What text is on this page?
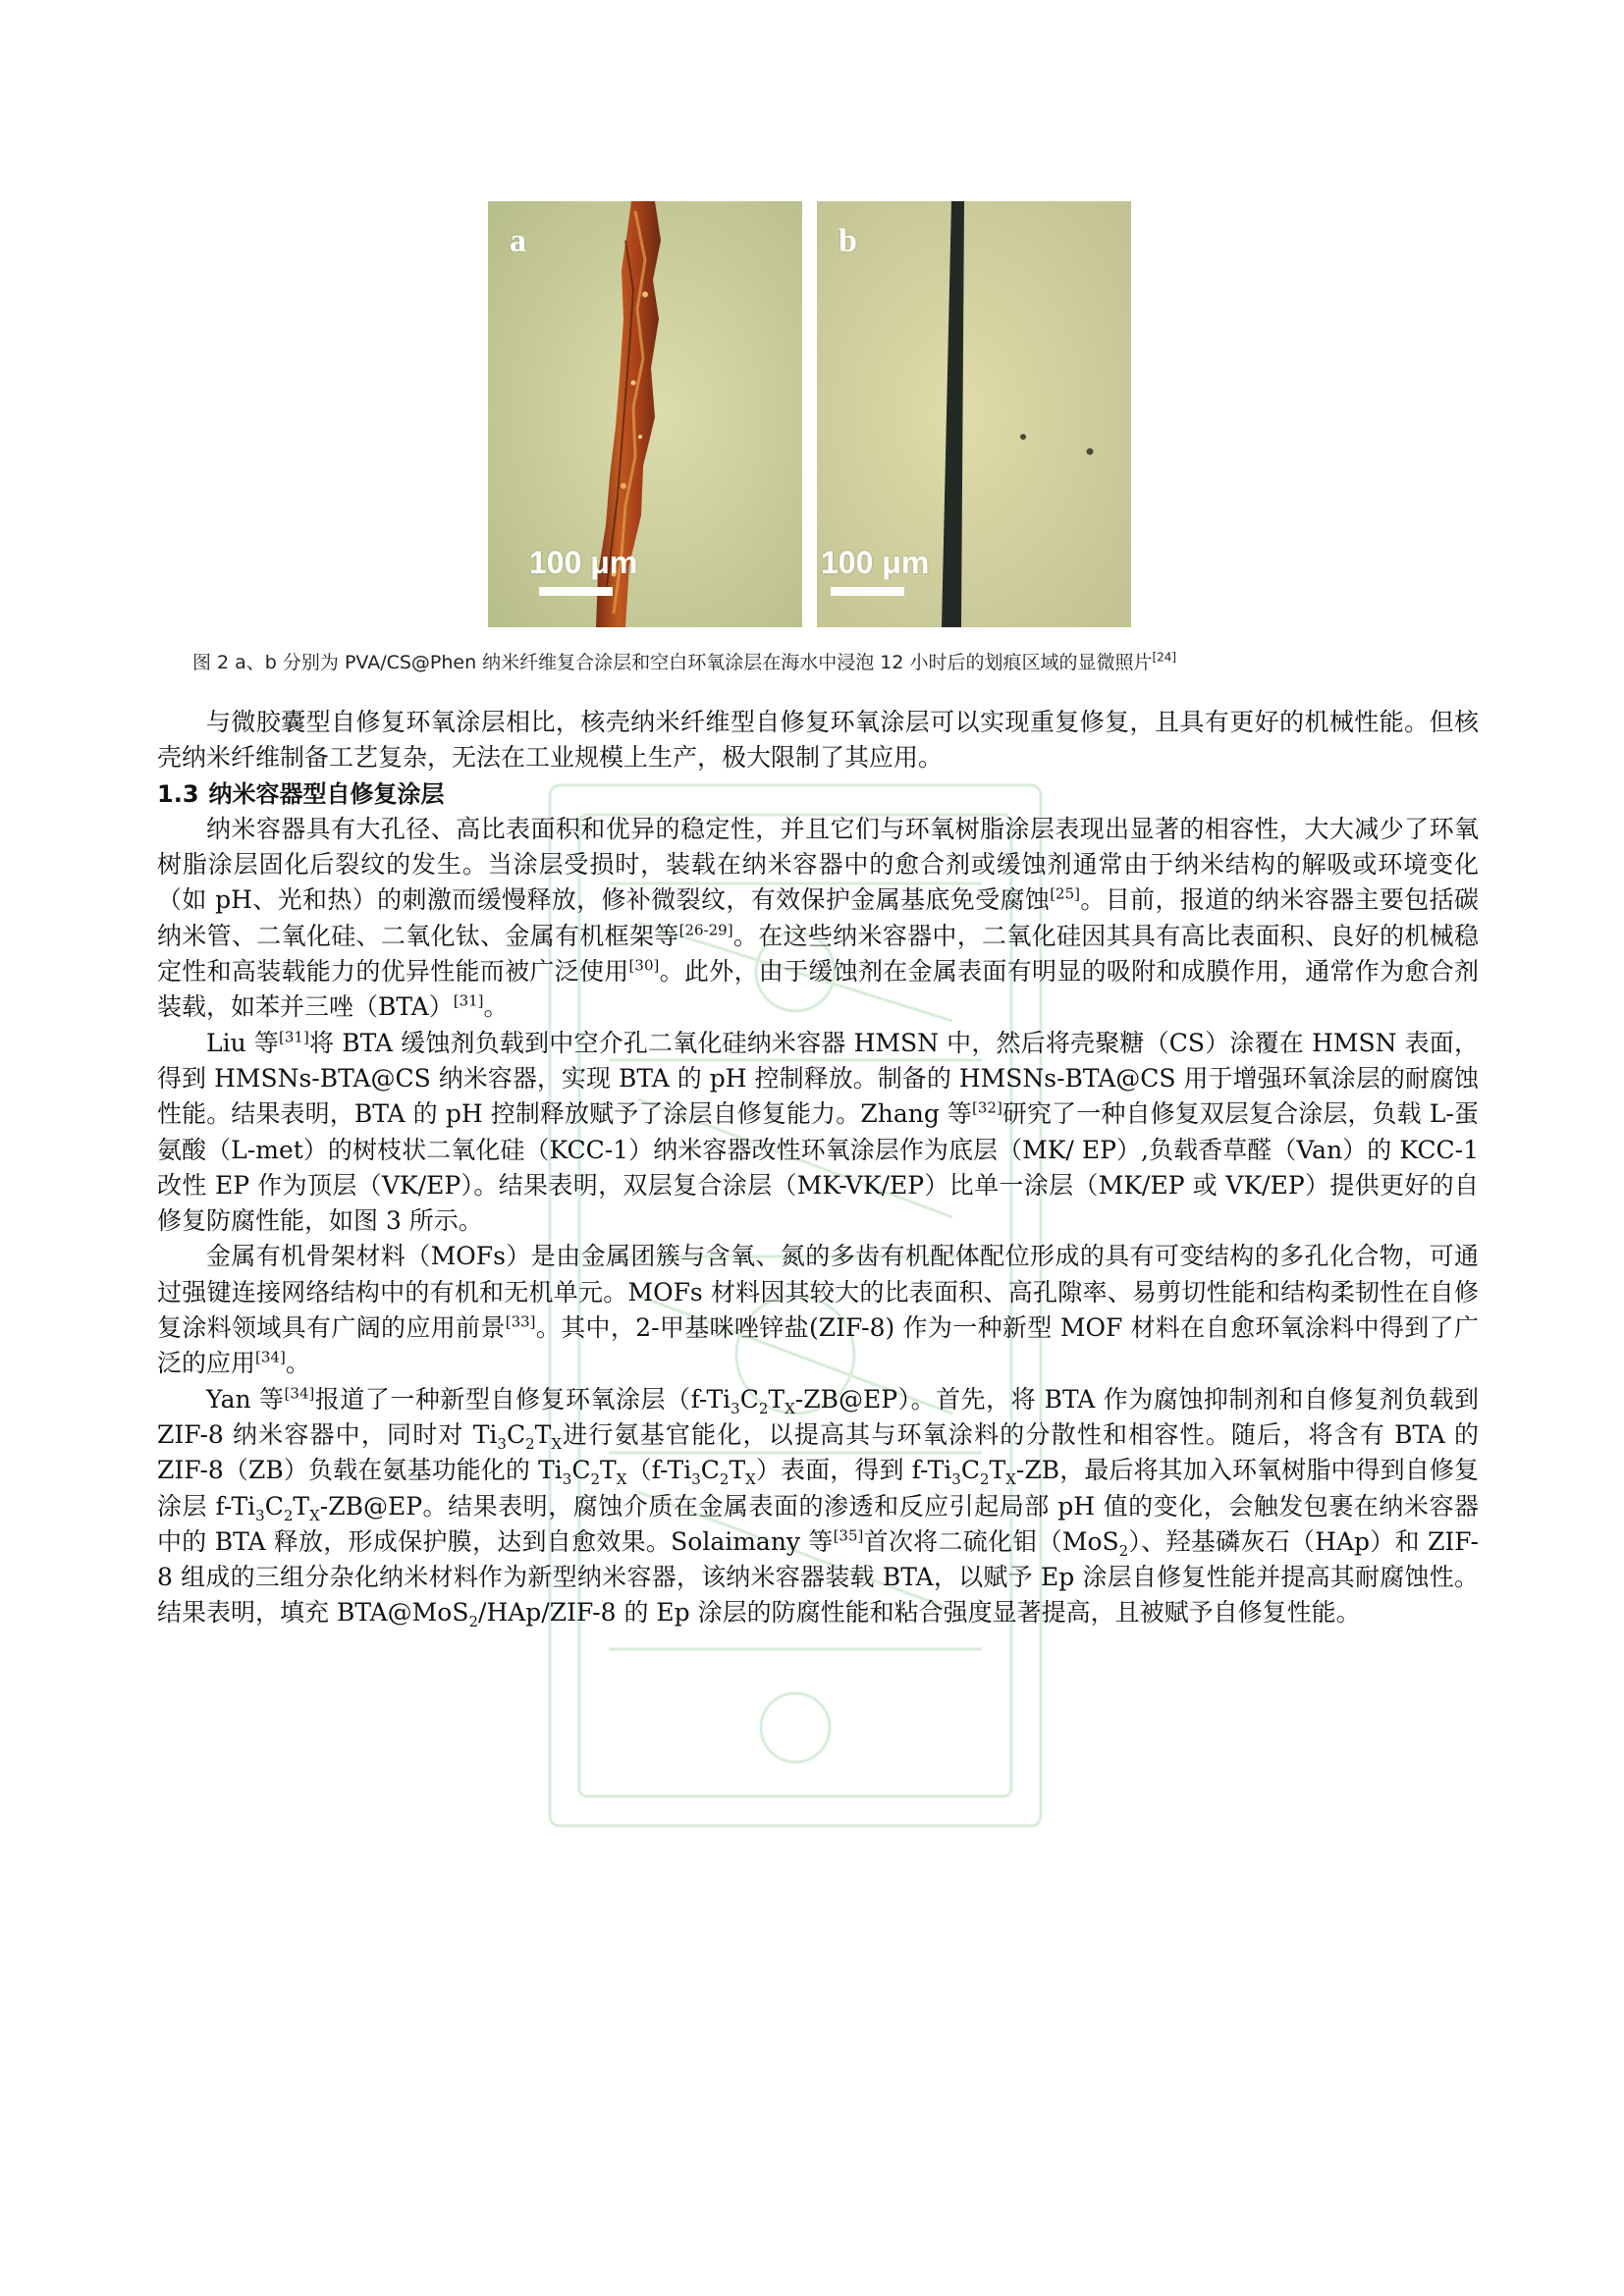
a
100 μm
b
100 μm
图 2 a、b 分别为 PVA/CS@Phen 纳米纤维复合涂层和空白环氧涂层在海水中浸泡 12 小时后的划痕区域的显微照片[24]

与微胶囊型自修复环氧涂层相比，核壳纳米纤维型自修复环氧涂层可以实现重复修复，且具有更好的机械性能。但核壳纳米纤维制备工艺复杂，无法在工业规模上生产，极大限制了其应用。

1.3 纳米容器型自修复涂层

纳米容器具有大孔径、高比表面积和优异的稳定性，并且它们与环氧树脂涂层表现出显著的相容性，大大减少了环氧树脂涂层固化后裂纹的发生。当涂层受损时，装载在纳米容器中的愈合剂或缓蚀剂通常由于纳米结构的解吸或环境变化（如 pH、光和热）的刺激而缓慢释放，修补微裂纹，有效保护金属基底免受腐蚀[25]。目前，报道的纳米容器主要包括碳纳米管、二氧化硅、二氧化钛、金属有机框架等[26-29]。在这些纳米容器中，二氧化硅因其具有高比表面积、良好的机械稳定性和高装载能力的优异性能而被广泛使用[30]。此外，由于缓蚀剂在金属表面有明显的吸附和成膜作用，通常作为愈合剂装载，如苯并三唑（BTA）[31]。

Liu 等[31]将 BTA 缓蚀剂负载到中空介孔二氧化硅纳米容器 HMSN 中，然后将壳聚糖（CS）涂覆在 HMSN 表面，得到 HMSNs-BTA@CS 纳米容器，实现 BTA 的 pH 控制释放。制备的 HMSNs-BTA@CS 用于增强环氧涂层的耐腐蚀性能。结果表明，BTA 的 pH 控制释放赋予了涂层自修复能力。Zhang 等[32]研究了一种自修复双层复合涂层，负载 L-蛋氨酸（L-met）的树枝状二氧化硅（KCC-1）纳米容器改性环氧涂层作为底层（MK/ EP）,负载香草醛（Van）的 KCC-1 改性 EP 作为顶层（VK/EP）。结果表明，双层复合涂层（MK-VK/EP）比单一涂层（MK/EP 或 VK/EP）提供更好的自修复防腐性能，如图 3 所示。

金属有机骨架材料（MOFs）是由金属团簇与含氧、氮的多齿有机配体配位形成的具有可变结构的多孔化合物，可通过强键连接网络结构中的有机和无机单元。MOFs 材料因其较大的比表面积、高孔隙率、易剪切性能和结构柔韧性在自修复涂料领域具有广阔的应用前景[33]。其中，2-甲基咪唑锌盐(ZIF-8) 作为一种新型 MOF 材料在自愈环氧涂料中得到了广泛的应用[34]。

Yan 等[34]报道了一种新型自修复环氧涂层$(f-Ti_3C_2T_X-ZB@EP)$。首先，将 BTA 作为腐蚀抑制剂和自修复剂负载到 ZIF-8 纳米容器中，同时对 $Ti_3C_2T_X$进行氨基官能化，以提高其与环氧涂料的分散性和相容性。随后，将含有 BTA 的 ZIF-8（ZB）负载在氨基功能化的 $Ti_3C_2T_X(f-Ti_3C_2T_X)$表面，得到 $f-Ti_3C_2T_X-ZB$，最后将其加入环氧树脂中得到自修复涂层 $f-Ti_3C_2T_X-ZB@EP$。结果表明，腐蚀介质在金属表面的渗透和反应引起局部 pH 值的变化，会触发包裹在纳米容器中的 BTA 释放，形成保护膜，达到自愈效果。Solaimany 等[35]首次将二硫化钼（MoS$_2$）、羟基磷灰石（HAp）和 ZIF-8 组成的三组分杂化纳米材料作为新型纳米容器，该纳米容器装载 BTA，以赋予 Ep 涂层自修复性能并提高其耐腐蚀性。结果表明，填充 BTA@MoS$_2$/HAp/ZIF-8 的 Ep 涂层的防腐性能和粘合强度显著提高，且被赋予自修复性能。
